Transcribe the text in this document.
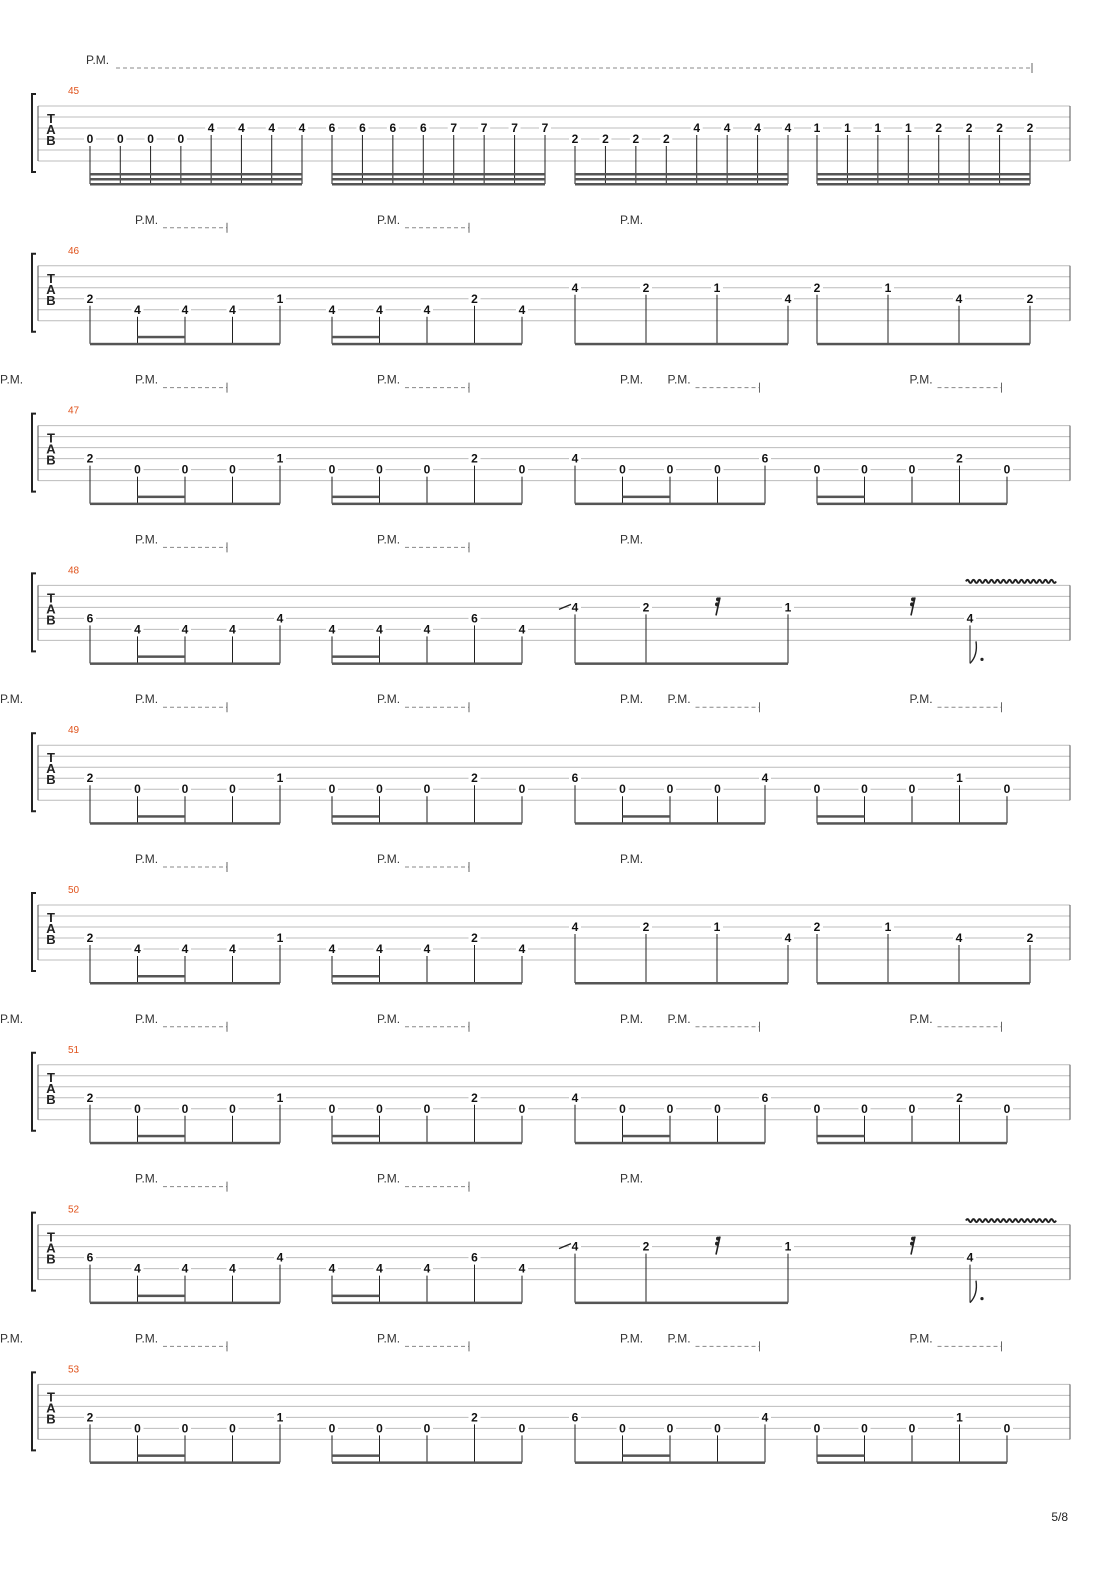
T
A
B
45
P.M.
0 0 0 0
4 4 4 4 6 6 6 6 7 7 7 7
2 2 2 2
4 4 4 4 1 1 1 1 2 2 2 2
T
A
B
46
P.M.	P.M.	P.M.
2
4	4	4
1
4	4	4
2
4
4	2	1
4
2	1
4	2
T
A
B
47
P.M.	P.M.	P.M. P.M.	P.M.
P.M.
2
0	0	0
1
0	0	0
2
0
4
0	0	0
6
0	0	0
2
0
T
A
B
48
P.M.	P.M.	P.M.
6
4	4	4
4
4	4	4
6
4
4	2	1
4
T
A
B
49
P.M.	P.M.	P.M. P.M.	P.M.
P.M.
2
0	0	0
1
0	0	0
2
0
6
0	0	0
4
0	0	0
1
0
T
A
B
50
P.M.	P.M.	P.M.
2
4	4	4
1
4	4	4
2
4
4	2	1
4
2	1
4	2
T
A
B
51
P.M.	P.M.	P.M. P.M.	P.M.
P.M.
2
0	0	0
1
0	0	0
2
0
4
0	0	0
6
0	0	0
2
0
T
A
B
52
P.M.	P.M.	P.M.
6
4	4	4
4
4	4	4
6
4
4	2	1
4
T
A
B
53
P.M.	P.M.	P.M. P.M.	P.M.
P.M.
2
0	0	0
1
0	0	0
2
0
6
0	0	0
4
0	0	0
1
0
5/8
